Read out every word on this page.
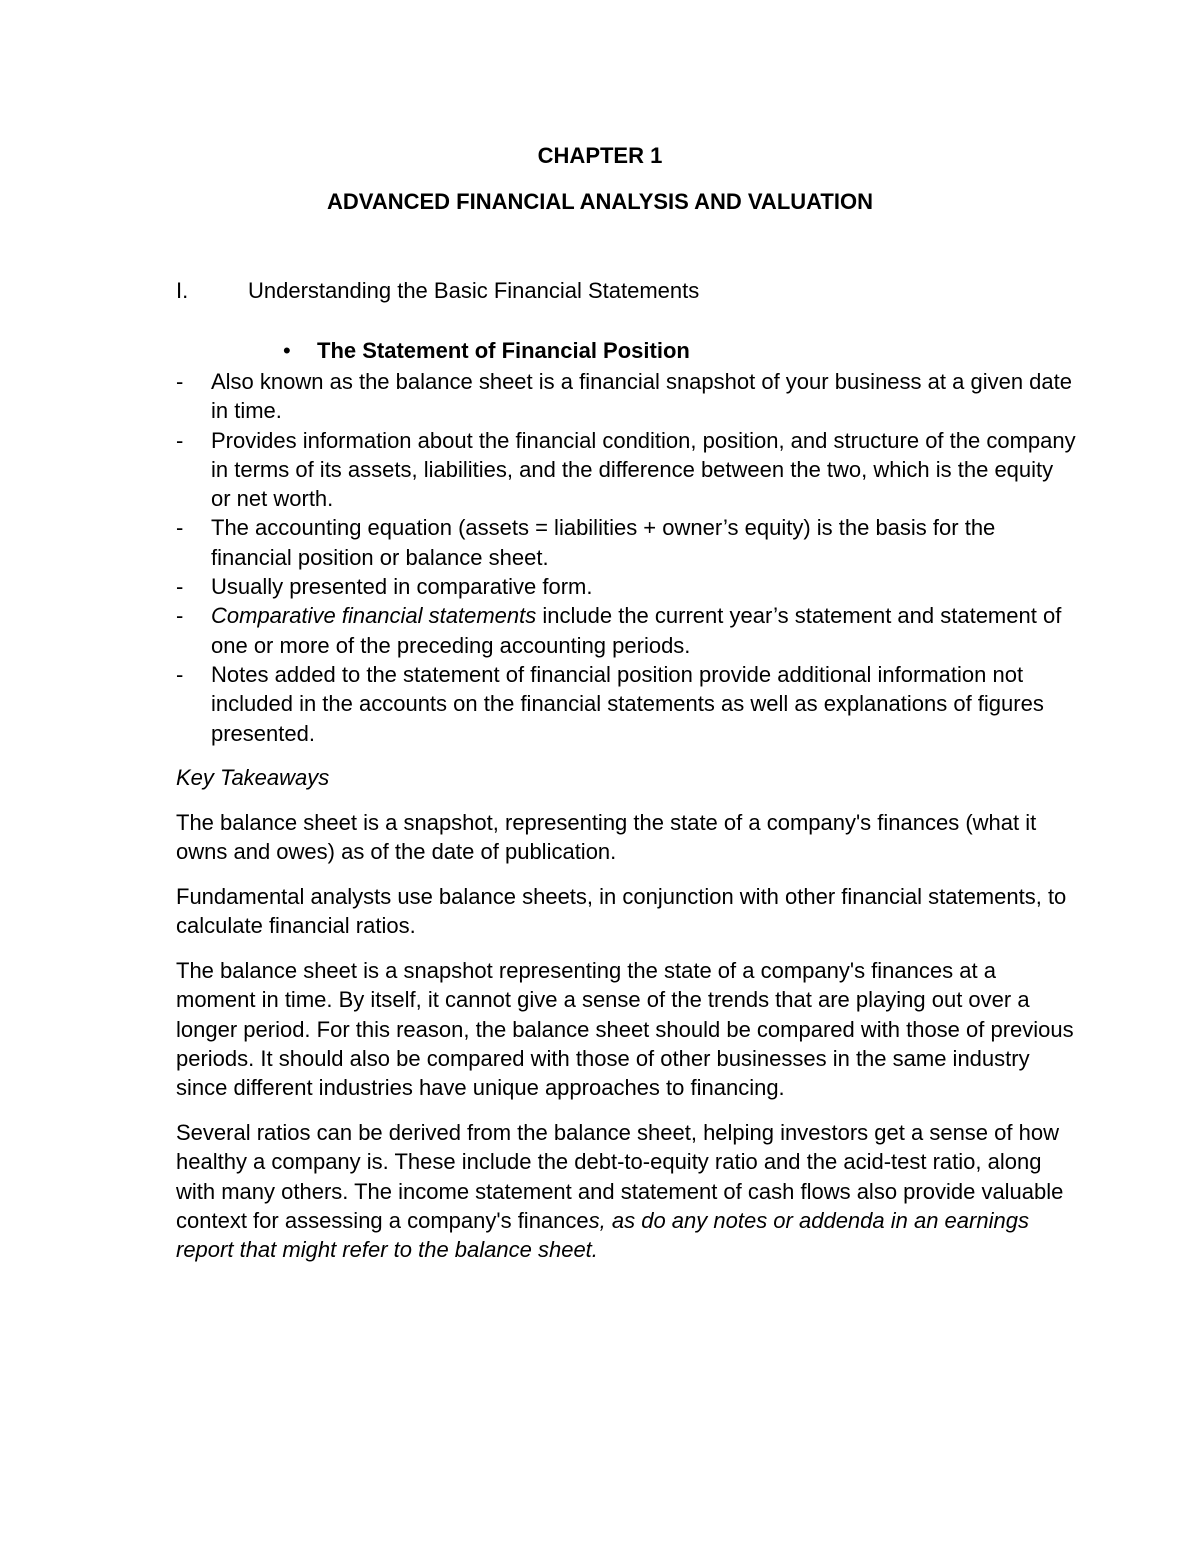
CHAPTER 1
ADVANCED FINANCIAL ANALYSIS AND VALUATION
I.	Understanding the Basic Financial Statements
• The Statement of Financial Position
- Also known as the balance sheet is a financial snapshot of your business at a given date in time.
- Provides information about the financial condition, position, and structure of the company in terms of its assets, liabilities, and the difference between the two, which is the equity or net worth.
- The accounting equation (assets = liabilities + owner’s equity) is the basis for the financial position or balance sheet.
- Usually presented in comparative form.
- Comparative financial statements include the current year’s statement and statement of one or more of the preceding accounting periods.
- Notes added to the statement of financial position provide additional information not included in the accounts on the financial statements as well as explanations of figures presented.
Key Takeaways

The balance sheet is a snapshot, representing the state of a company's finances (what it owns and owes) as of the date of publication.

Fundamental analysts use balance sheets, in conjunction with other financial statements, to calculate financial ratios.

The balance sheet is a snapshot representing the state of a company's finances at a moment in time. By itself, it cannot give a sense of the trends that are playing out over a longer period. For this reason, the balance sheet should be compared with those of previous periods. It should also be compared with those of other businesses in the same industry since different industries have unique approaches to financing.

Several ratios can be derived from the balance sheet, helping investors get a sense of how healthy a company is. These include the debt-to-equity ratio and the acid-test ratio, along with many others. The income statement and statement of cash flows also provide valuable context for assessing a company's finances, as do any notes or addenda in an earnings report that might refer to the balance sheet.
